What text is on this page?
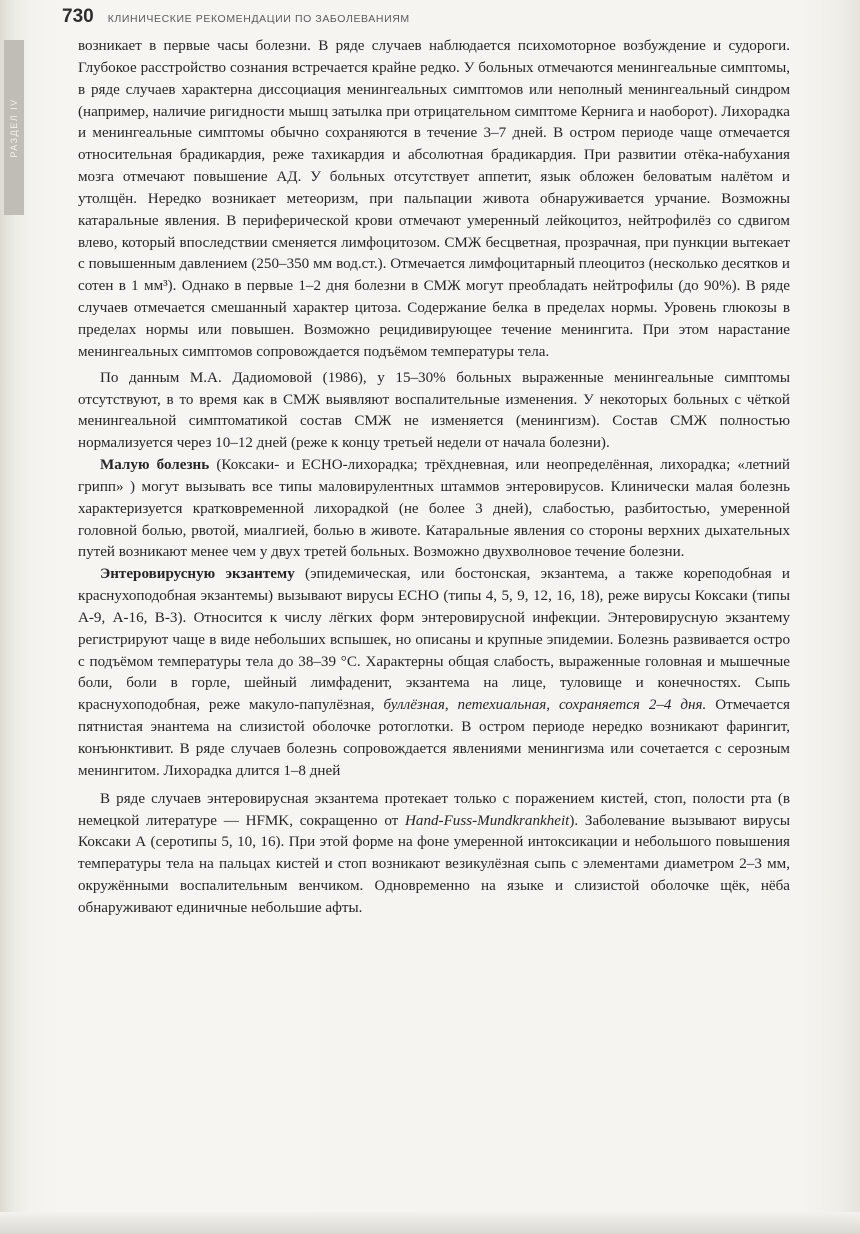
РАЗДЕЛ IV
730 КЛИНИЧЕСКИЕ РЕКОМЕНДАЦИИ ПО ЗАБОЛЕВАНИЯМ

возникает в первые часы болезни. В ряде случаев наблюдается психомоторное возбуждение и судороги. Глубокое расстройство сознания встречается крайне редко. У больных отмечаются менингеальные симптомы, в ряде случаев характерна диссоциация менингеальных симптомов или неполный менингеальный синдром (например, наличие ригидности мышц затылка при отрицательном симптоме Кернига и наоборот). Лихорадка и менингеальные симптомы обычно сохраняются в течение 3–7 дней. В остром периоде чаще отмечается относительная брадикардия, реже тахикардия и абсолютная брадикардия. При развитии отёка-набухания мозга отмечают повышение АД. У больных отсутствует аппетит, язык обложен беловатым налётом и утолщён. Нередко возникает метеоризм, при пальпации живота обнаруживается урчание. Возможны катаральные явления. В периферической крови отмечают умеренный лейкоцитоз, нейтрофилёз со сдвигом влево, который впоследствии сменяется лимфоцитозом. СМЖ бесцветная, прозрачная, при пункции вытекает с повышенным давлением (250–350 мм вод.ст.). Отмечается лимфоцитарный плеоцитоз (несколько десятков и сотен в 1 мм³). Однако в первые 1–2 дня болезни в СМЖ могут преобладать нейтрофилы (до 90%). В ряде случаев отмечается смешанный характер цитоза. Содержание белка в пределах нормы. Уровень глюкозы в пределах нормы или повышен. Возможно рецидивирующее течение менингита. При этом нарастание менингеальных симптомов сопровождается подъёмом температуры тела.

По данным М.А. Дадиомовой (1986), у 15–30% больных выраженные менингеальные симптомы отсутствуют, в то время как в СМЖ выявляют воспалительные изменения. У некоторых больных с чёткой менингеальной симптоматикой состав СМЖ не изменяется (менингизм). Состав СМЖ полностью нормализуется через 10–12 дней (реже к концу третьей недели от начала болезни).

Малую болезнь (Коксаки- и ЕСНО-лихорадка; трёхдневная, или неопределённая, лихорадка; «летний грипп» ) могут вызывать все типы маловирулентных штаммов энтеровирусов. Клинически малая болезнь характеризуется кратковременной лихорадкой (не более 3 дней), слабостью, разбитостью, умеренной головной болью, рвотой, миалгией, болью в животе. Катаральные явления со стороны верхних дыхательных путей возникают менее чем у двух третей больных. Возможно двухволновое течение болезни.

Энтеровирусную экзантему (эпидемическая, или бостонская, экзантема, а также кореподобная и краснухоподобная экзантемы) вызывают вирусы ЕСНО (типы 4, 5, 9, 12, 16, 18), реже вирусы Коксаки (типы А-9, А-16, В-3). Относится к числу лёгких форм энтеровирусной инфекции. Энтеровирусную экзантему регистрируют чаще в виде небольших вспышек, но описаны и крупные эпидемии. Болезнь развивается остро с подъёмом температуры тела до 38–39 °С. Характерны общая слабость, выраженные головная и мышечные боли, боли в горле, шейный лимфаденит, экзантема на лице, туловище и конечностях. Сыпь краснухоподобная, реже макуло-папулёзная, буллёзная, петехиальная, сохраняется 2–4 дня. Отмечается пятнистая энантема на слизистой оболочке ротоглотки. В остром периоде нередко возникают фарингит, конъюнктивит. В ряде случаев болезнь сопровождается явлениями менингизма или сочетается с серозным менингитом. Лихорадка длится 1–8 дней

В ряде случаев энтеровирусная экзантема протекает только с поражением кистей, стоп, полости рта (в немецкой литературе — HFMK, сокращенно от Hand-Fuss-Mundkrankheit). Заболевание вызывают вирусы Коксаки А (серотипы 5, 10, 16). При этой форме на фоне умеренной интоксикации и небольшого повышения температуры тела на пальцах кистей и стоп возникают везикулёзная сыпь с элементами диаметром 2–3 мм, окружёнными воспалительным венчиком. Одновременно на языке и слизистой оболочке щёк, нёба обнаруживают единичные небольшие афты.
